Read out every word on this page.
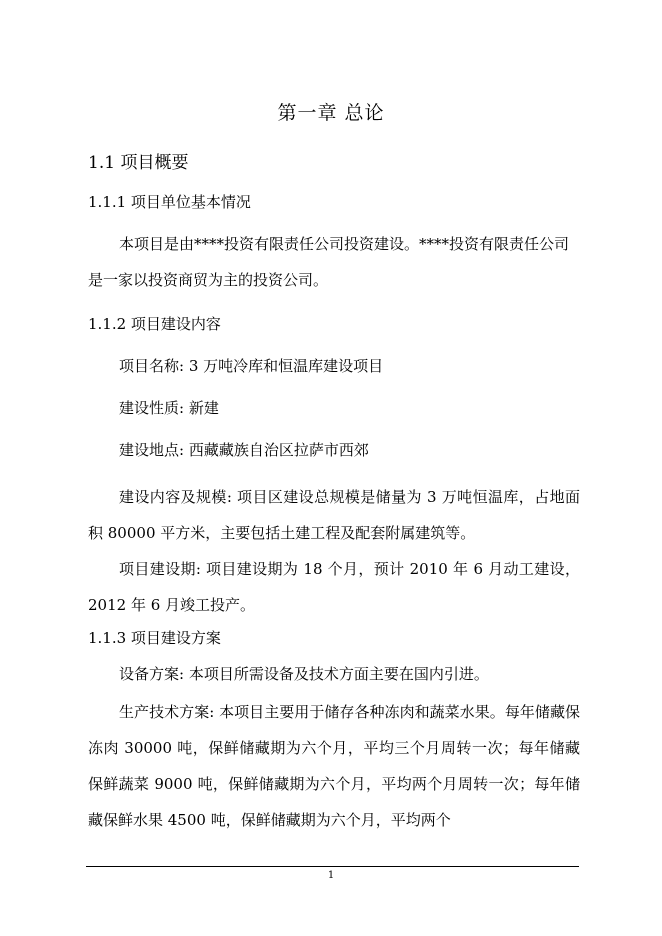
第一章 总论
1.1 项目概要
1.1.1 项目单位基本情况
本项目是由****投资有限责任公司投资建设。****投资有限责任公司是一家以投资商贸为主的投资公司。
1.1.2 项目建设内容
项目名称: 3 万吨冷库和恒温库建设项目
建设性质: 新建
建设地点: 西藏藏族自治区拉萨市西郊
建设内容及规模: 项目区建设总规模是储量为 3 万吨恒温库，占地面积 80000 平方米，主要包括土建工程及配套附属建筑等。
项目建设期: 项目建设期为 18 个月，预计 2010 年 6 月动工建设，2012 年 6 月竣工投产。
1.1.3 项目建设方案
设备方案: 本项目所需设备及技术方面主要在国内引进。
生产技术方案: 本项目主要用于储存各种冻肉和蔬菜水果。每年储藏保冻肉 30000 吨，保鲜储藏期为六个月，平均三个月周转一次；每年储藏保鲜蔬菜 9000 吨，保鲜储藏期为六个月，平均两个月周转一次；每年储藏保鲜水果 4500 吨，保鲜储藏期为六个月，平均两个
1
